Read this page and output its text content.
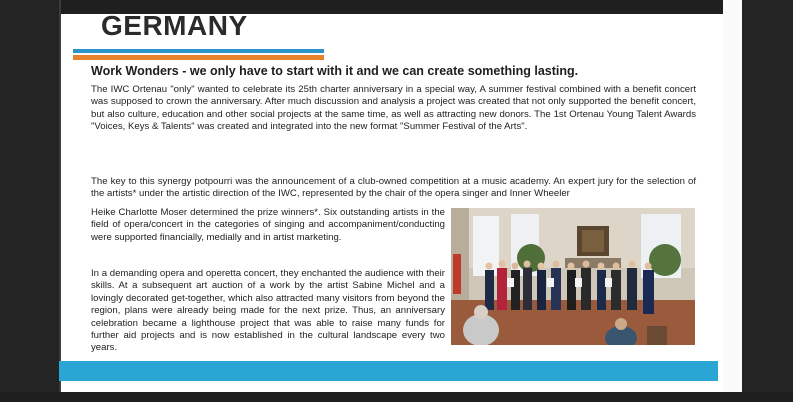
GERMANY
Work Wonders - we only have to start with it and we can create something lasting.

The IWC Ortenau "only" wanted to celebrate its 25th charter anniversary in a special way, A summer festival combined with a benefit concert was supposed to crown the anniversary. After much discussion and analysis a project was created that not only supported the benefit concert, but also culture, education and other social projects at the same time, as well as attracting new donors. The 1st Ortenau Young Talent Awards "Voices, Keys & Talents" was created and integrated into the new format "Summer Festival of the Arts".

The key to this synergy potpourri was the announcement of a club-owned competition at a music academy. An expert jury for the selection of the artists* under the artistic direction of the IWC, represented by the chair of the opera singer and Inner Wheeler

Heike Charlotte Moser determined the prize winners*. Six outstanding artists in the field of opera/concert in the categories of singing and accompaniment/conducting were supported financially, medially and in artist marketing.

In a demanding opera and operetta concert, they enchanted the audience with their skills. At a subsequent art auction of a work by the artist Sabine Michel and a lovingly decorated get-together, which also attracted many visitors from beyond the region, plans were already being made for the next prize. Thus, an anniversary celebration became a lighthouse project that was able to raise many funds for further aid projects and is now established in the cultural landscape every two years.
